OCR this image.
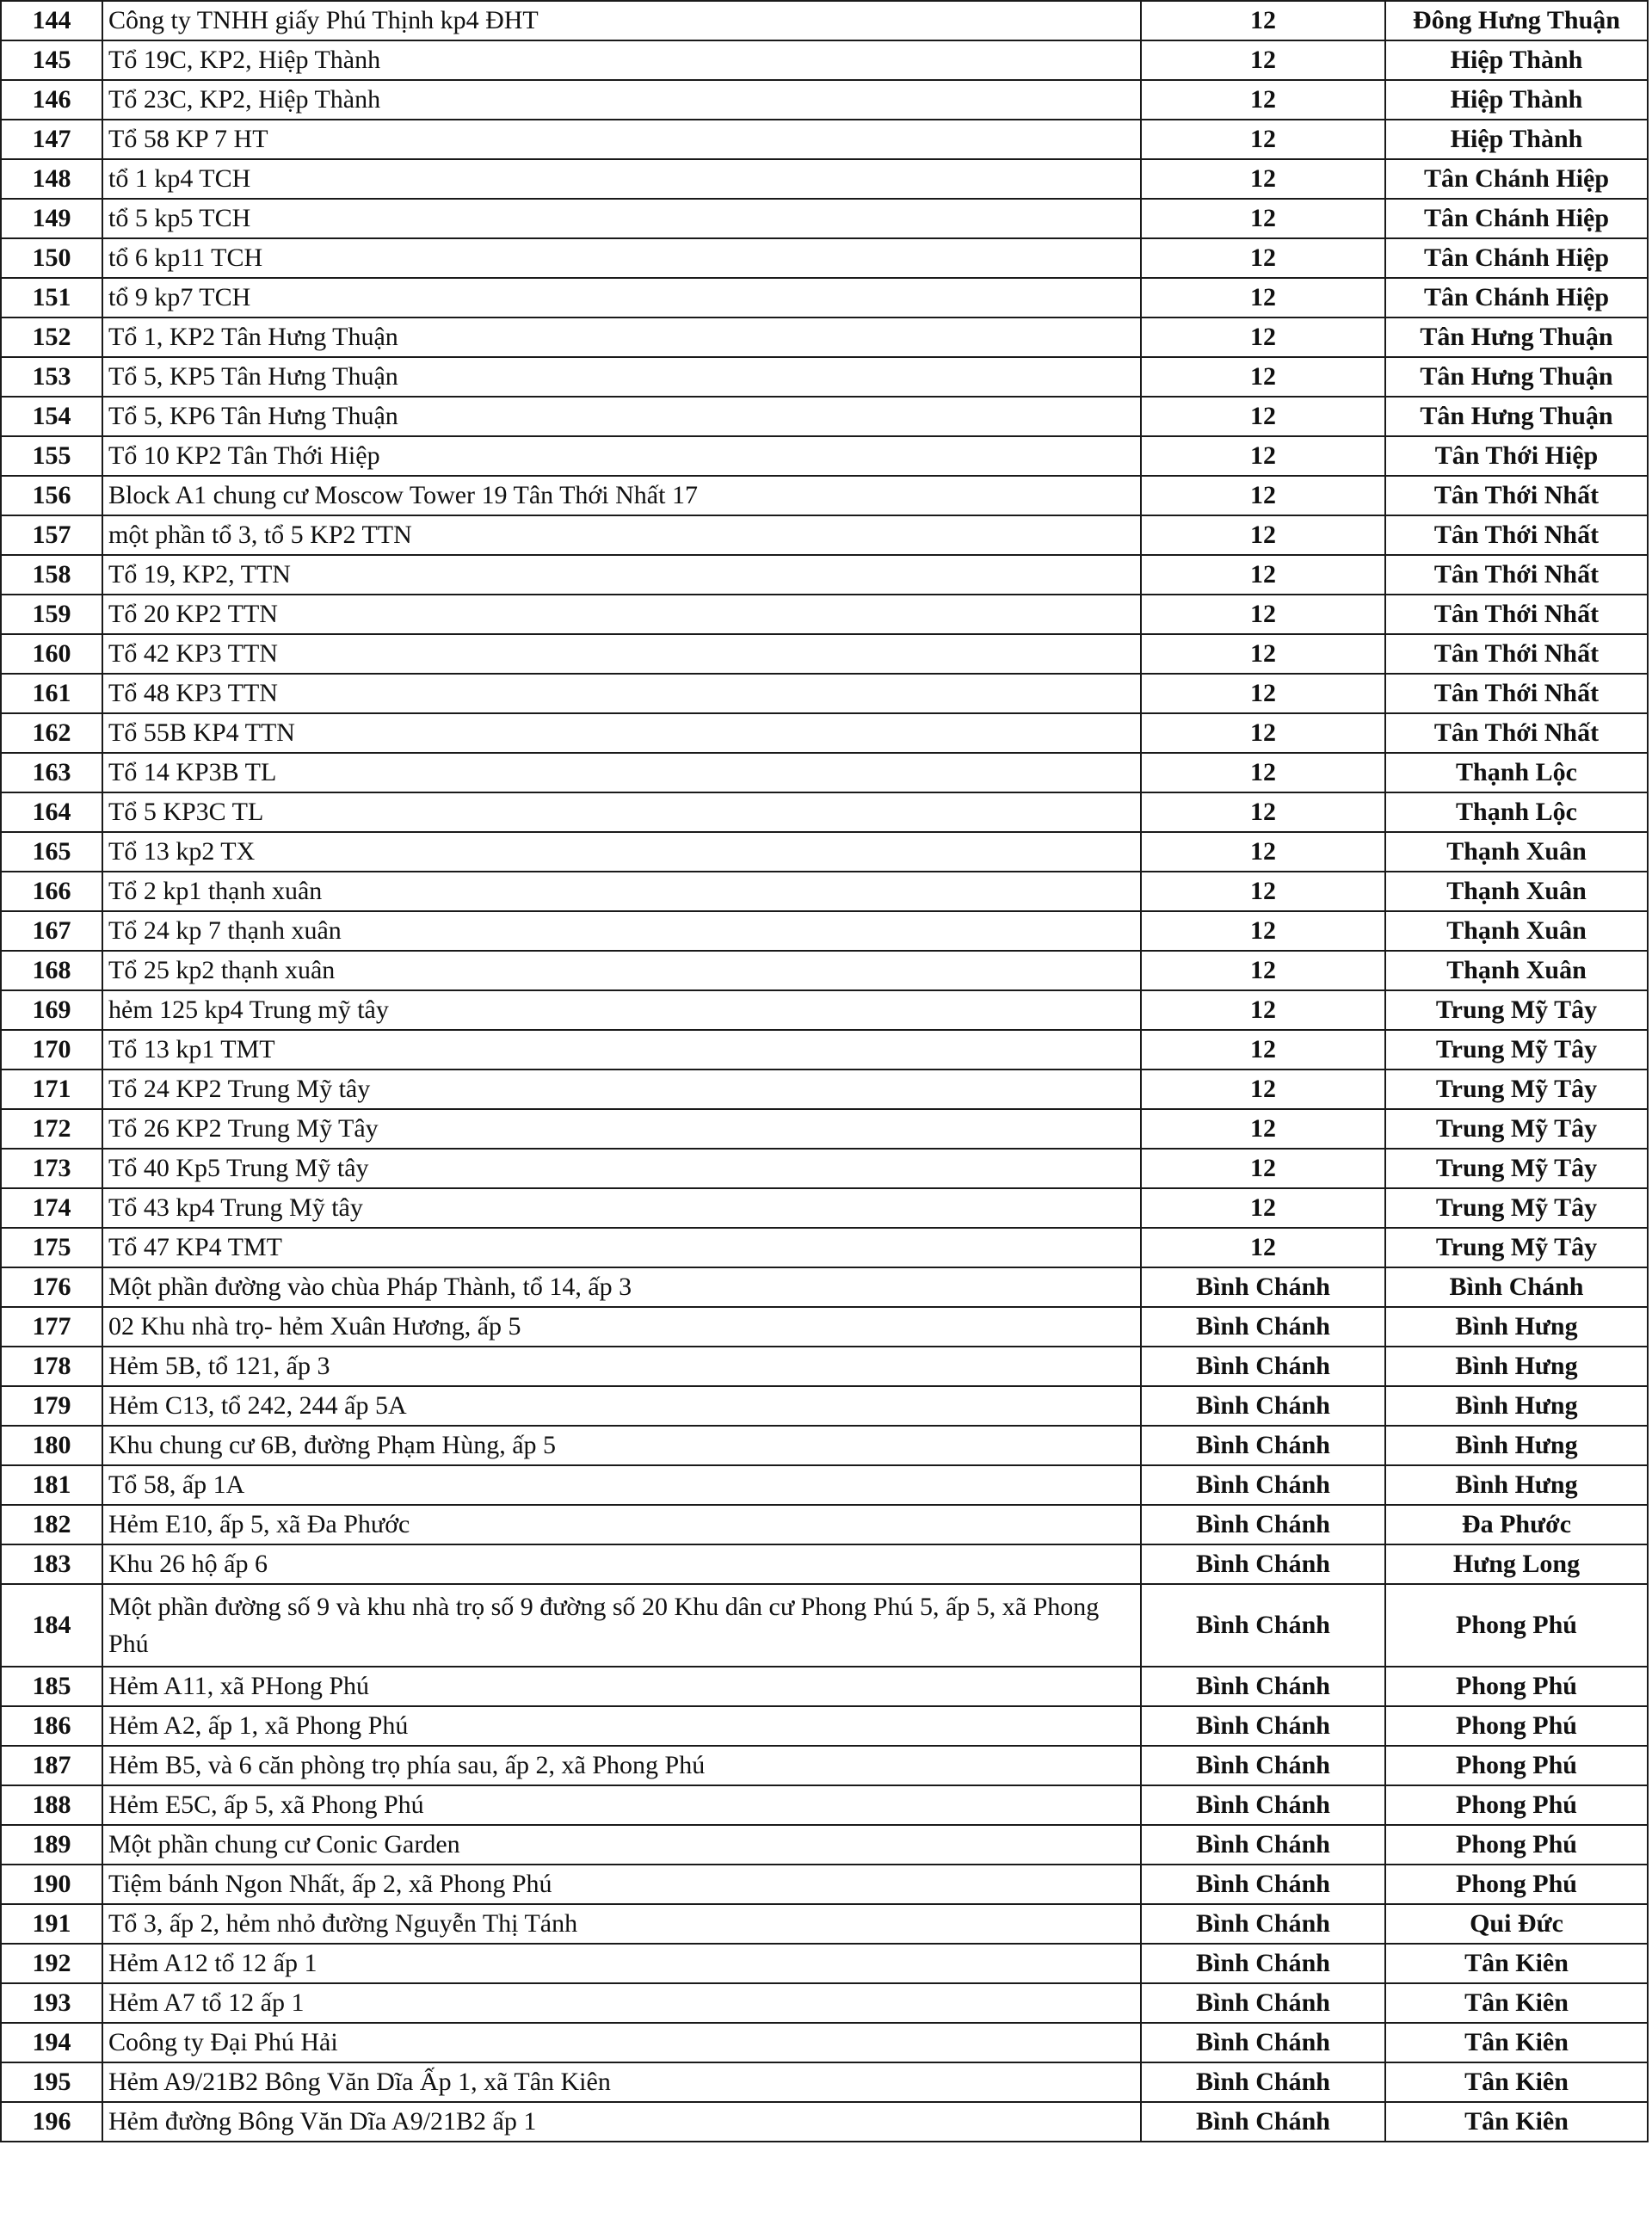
144	Công ty TNHH giấy Phú Thịnh kp4 ĐHT	12	Đông Hưng Thuận
145	Tổ 19C, KP2, Hiệp Thành	12	Hiệp Thành
146	Tổ 23C, KP2, Hiệp Thành	12	Hiệp Thành
147	Tổ 58 KP 7 HT	12	Hiệp Thành
148	tổ 1 kp4 TCH	12	Tân Chánh Hiệp
149	tổ 5 kp5 TCH	12	Tân Chánh Hiệp
150	tổ 6 kp11 TCH	12	Tân Chánh Hiệp
151	tổ 9 kp7 TCH	12	Tân Chánh Hiệp
152	Tổ 1, KP2 Tân Hưng Thuận	12	Tân Hưng Thuận
153	Tổ 5, KP5 Tân Hưng Thuận	12	Tân Hưng Thuận
154	Tổ 5, KP6 Tân Hưng Thuận	12	Tân Hưng Thuận
155	Tổ 10 KP2 Tân Thới Hiệp	12	Tân Thới Hiệp
156	Block A1 chung cư Moscow Tower 19 Tân Thới Nhất 17	12	Tân Thới Nhất
157	một phần tổ 3, tổ 5 KP2 TTN	12	Tân Thới Nhất
158	Tổ 19, KP2, TTN	12	Tân Thới Nhất
159	Tổ 20 KP2 TTN	12	Tân Thới Nhất
160	Tổ 42 KP3 TTN	12	Tân Thới Nhất
161	Tổ 48 KP3 TTN	12	Tân Thới Nhất
162	Tổ 55B KP4 TTN	12	Tân Thới Nhất
163	Tổ 14 KP3B TL	12	Thạnh Lộc
164	Tổ 5 KP3C TL	12	Thạnh Lộc
165	Tổ 13 kp2 TX	12	Thạnh Xuân
166	Tổ 2 kp1 thạnh xuân	12	Thạnh Xuân
167	Tổ 24 kp 7 thạnh xuân	12	Thạnh Xuân
168	Tổ 25 kp2 thạnh xuân	12	Thạnh Xuân
169	hẻm 125 kp4 Trung mỹ tây	12	Trung Mỹ Tây
170	Tổ 13 kp1 TMT	12	Trung Mỹ Tây
171	Tổ 24 KP2 Trung Mỹ tây	12	Trung Mỹ Tây
172	Tổ 26 KP2 Trung Mỹ Tây	12	Trung Mỹ Tây
173	Tổ 40 Kp5 Trung Mỹ tây	12	Trung Mỹ Tây
174	Tổ 43 kp4 Trung Mỹ tây	12	Trung Mỹ Tây
175	Tổ 47 KP4 TMT	12	Trung Mỹ Tây
176	Một phần đường vào chùa Pháp Thành, tổ 14, ấp 3	Bình Chánh	Bình Chánh
177	02 Khu nhà trọ- hẻm Xuân Hương, ấp 5	Bình Chánh	Bình Hưng
178	Hẻm 5B, tổ 121, ấp 3	Bình Chánh	Bình Hưng
179	Hẻm C13, tổ 242, 244 ấp 5A	Bình Chánh	Bình Hưng
180	Khu chung cư 6B, đường Phạm Hùng, ấp 5	Bình Chánh	Bình Hưng
181	Tổ 58, ấp 1A	Bình Chánh	Bình Hưng
182	Hẻm E10, ấp 5, xã Đa Phước	Bình Chánh	Đa Phước
183	Khu 26 hộ ấp 6	Bình Chánh	Hưng Long
184	Một phần đường số 9 và khu nhà trọ số 9 đường số 20 Khu dân cư Phong Phú 5, ấp 5, xã Phong Phú	Bình Chánh	Phong Phú
185	Hẻm A11, xã PHong Phú	Bình Chánh	Phong Phú
186	Hẻm A2, ấp 1, xã Phong Phú	Bình Chánh	Phong Phú
187	Hẻm B5, và 6 căn phòng trọ phía sau, ấp 2, xã Phong Phú	Bình Chánh	Phong Phú
188	Hẻm E5C, ấp 5, xã Phong Phú	Bình Chánh	Phong Phú
189	Một phần chung cư Conic Garden	Bình Chánh	Phong Phú
190	Tiệm bánh Ngon Nhất, ấp 2, xã Phong Phú	Bình Chánh	Phong Phú
191	Tổ 3, ấp 2, hẻm nhỏ đường Nguyễn Thị Tánh	Bình Chánh	Qui Đức
192	Hẻm A12 tổ 12 ấp 1	Bình Chánh	Tân Kiên
193	Hẻm A7 tổ 12 ấp 1	Bình Chánh	Tân Kiên
194	Coông ty Đại Phú Hải	Bình Chánh	Tân Kiên
195	Hẻm A9/21B2 Bông Văn Dĩa Ấp 1, xã Tân Kiên	Bình Chánh	Tân Kiên
196	Hẻm đường Bông Văn Dĩa A9/21B2 ấp 1	Bình Chánh	Tân Kiên
